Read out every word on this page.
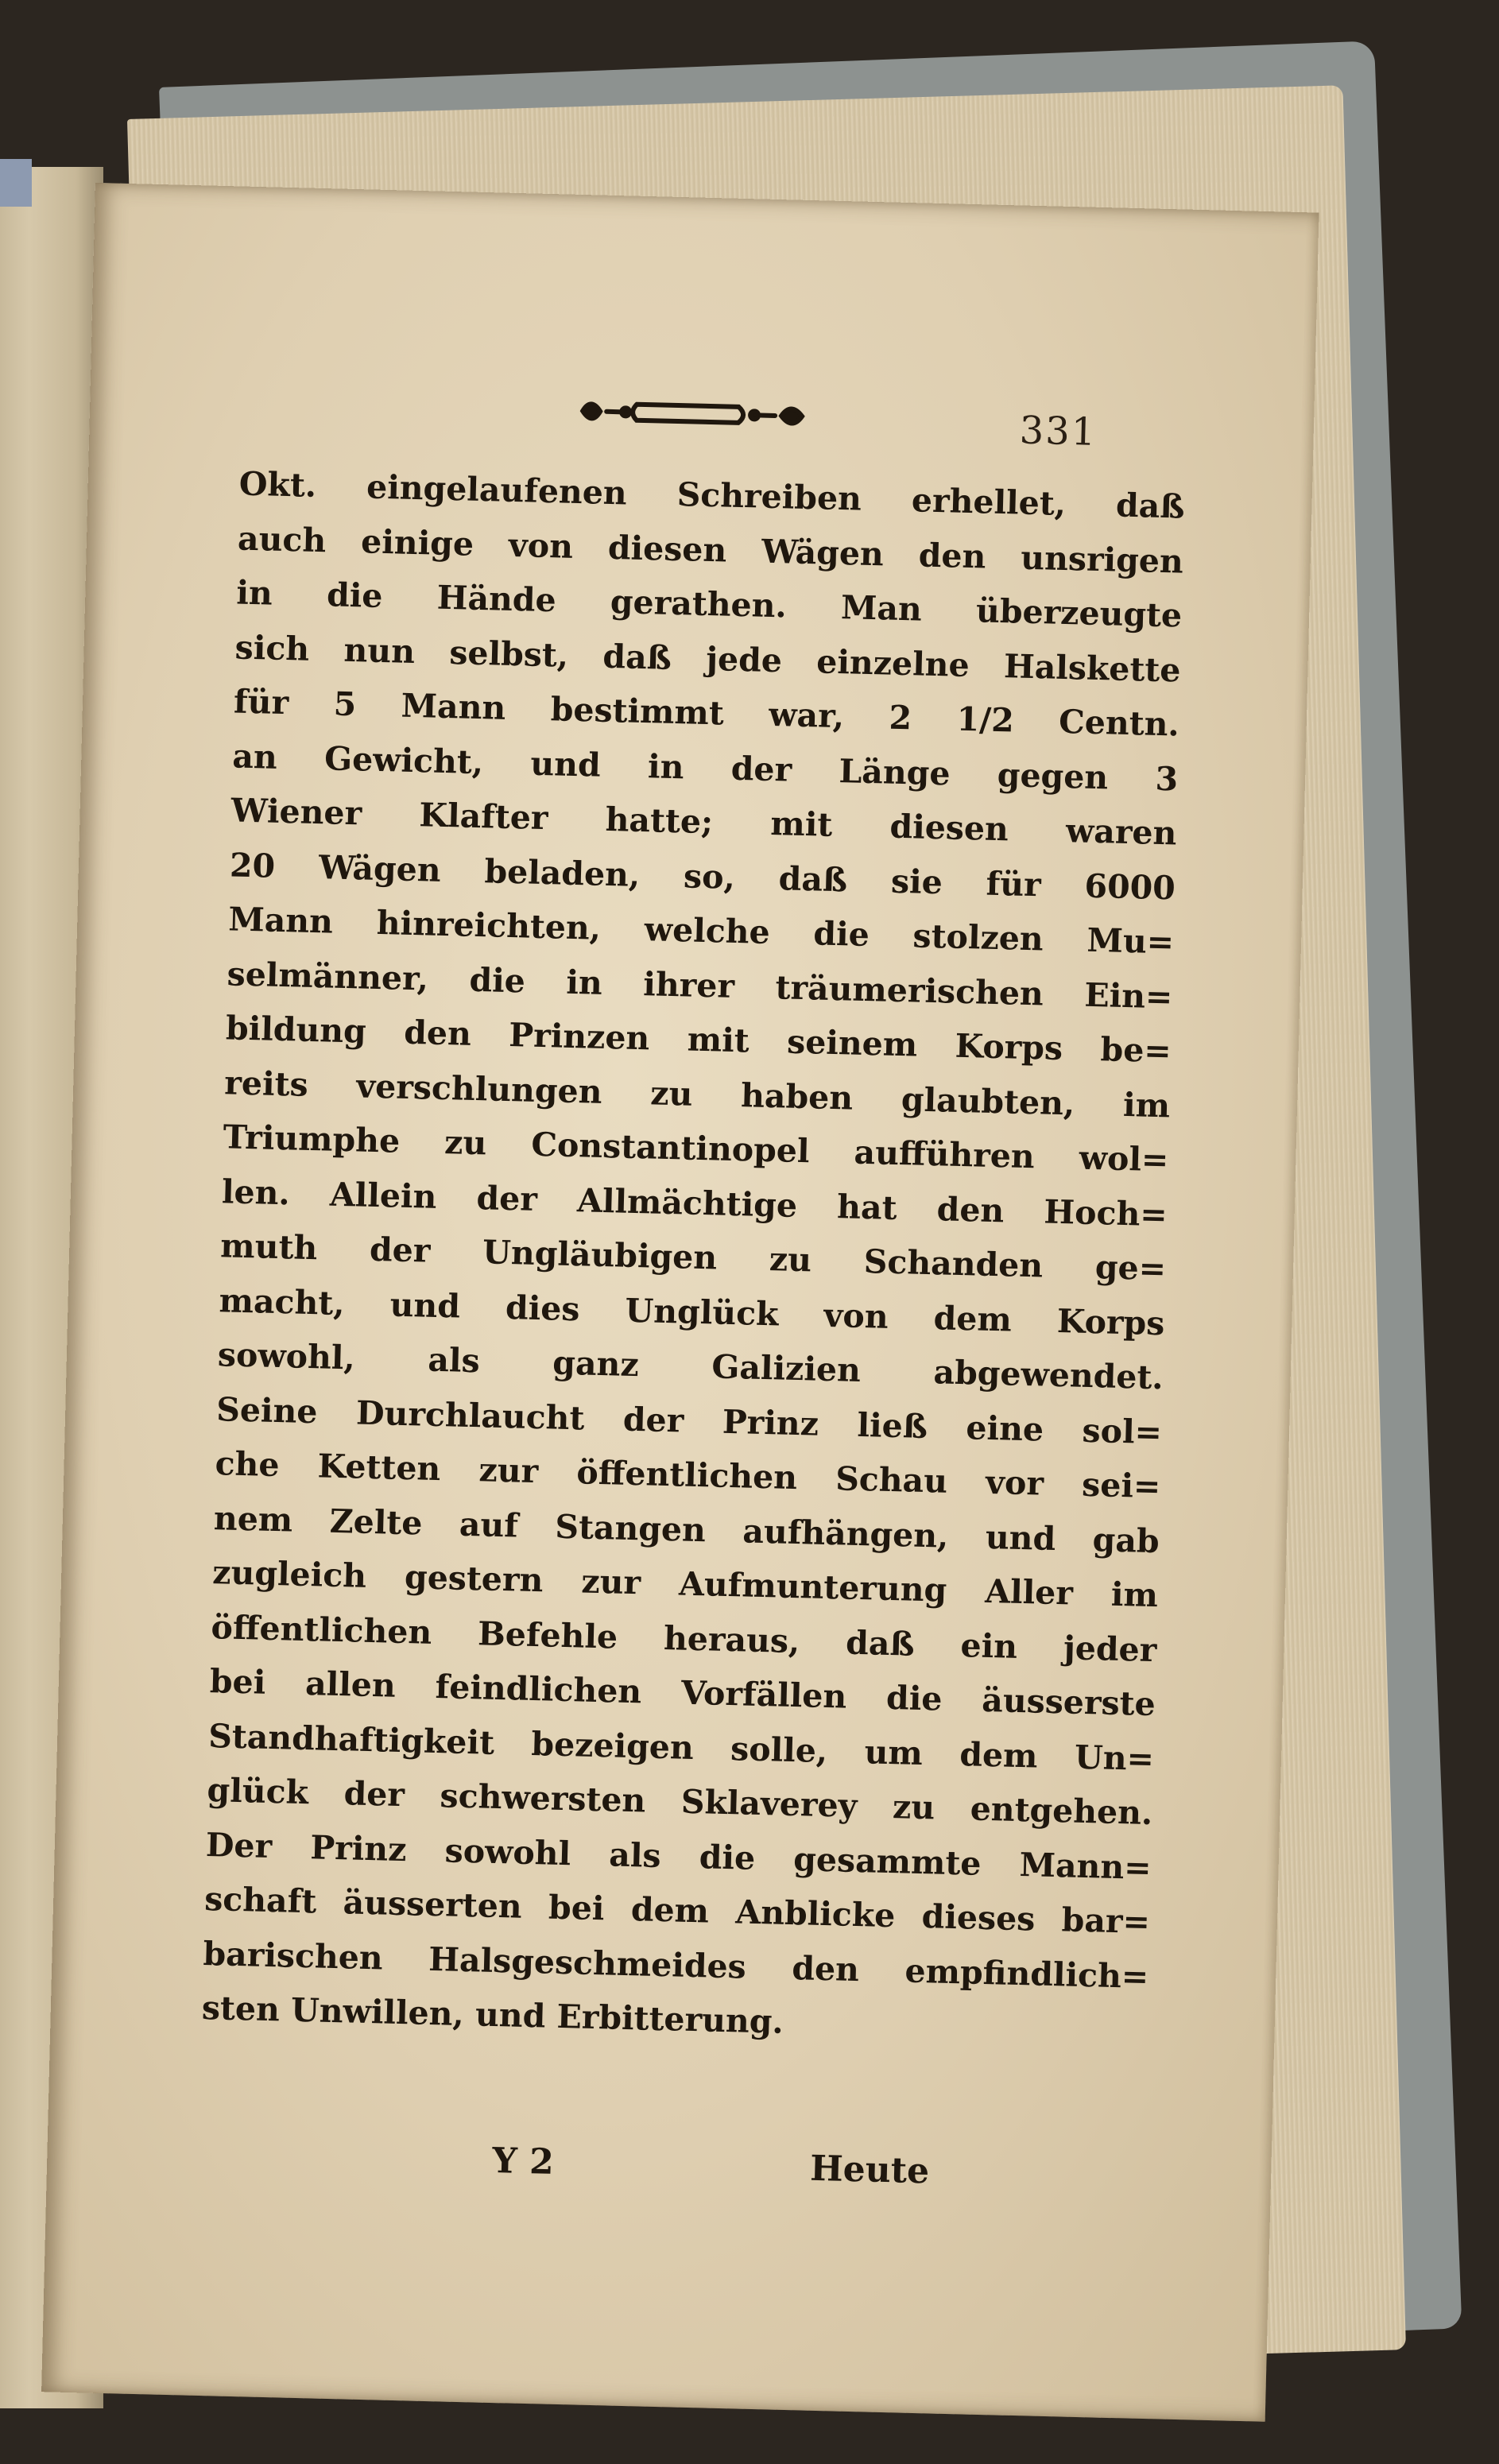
331
Okt. eingelaufenen Schreiben erhellet, daß
auch einige von diesen Wägen den unsrigen
in die Hände gerathen. Man überzeugte
sich nun selbst, daß jede einzelne Halskette
für 5 Mann bestimmt war, 2 1/2 Centn.
an Gewicht, und in der Länge gegen 3
Wiener Klafter hatte; mit diesen waren
20 Wägen beladen, so, daß sie für 6000
Mann hinreichten, welche die stolzen Mu=
selmänner, die in ihrer träumerischen Ein=
bildung den Prinzen mit seinem Korps be=
reits verschlungen zu haben glaubten, im
Triumphe zu Constantinopel aufführen wol=
len. Allein der Allmächtige hat den Hoch=
muth der Ungläubigen zu Schanden ge=
macht, und dies Unglück von dem Korps
sowohl, als ganz Galizien abgewendet.
Seine Durchlaucht der Prinz ließ eine sol=
che Ketten zur öffentlichen Schau vor sei=
nem Zelte auf Stangen aufhängen, und gab
zugleich gestern zur Aufmunterung Aller im
öffentlichen Befehle heraus, daß ein jeder
bei allen feindlichen Vorfällen die äusserste
Standhaftigkeit bezeigen solle, um dem Un=
glück der schwersten Sklaverey zu entgehen.
Der Prinz sowohl als die gesammte Mann=
schaft äusserten bei dem Anblicke dieses bar=
barischen Halsgeschmeides den empfindlich=
sten Unwillen, und Erbitterung.
Y 2	Heute
